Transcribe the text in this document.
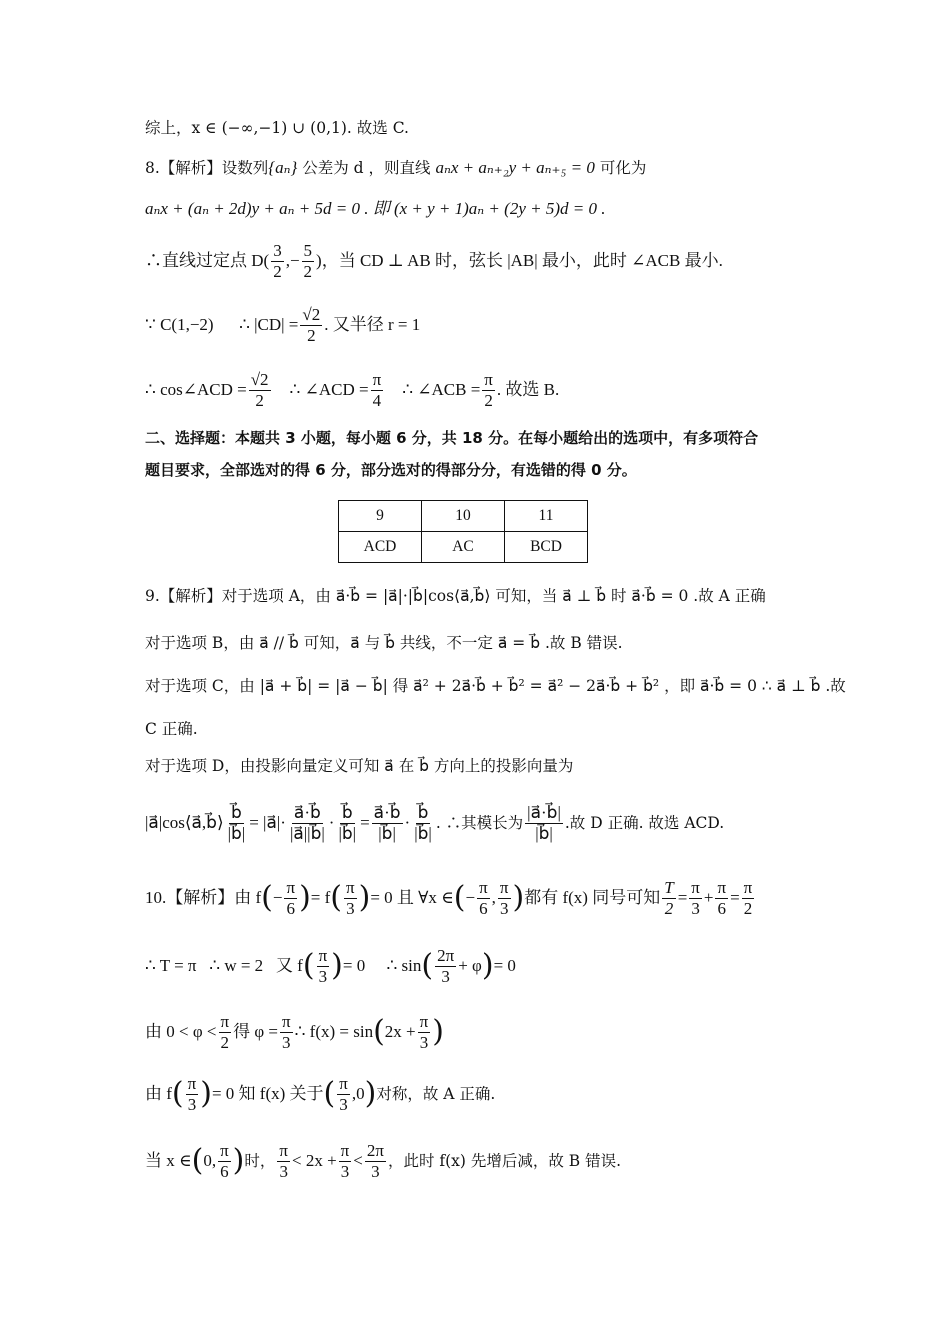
综上，x ∈ (−∞,−1) ∪ (0,1). 故选 C.
8.【解析】设数列{aₙ} 公差为 d ，则直线 aₙx + aₙ₊₂y + aₙ₊₅ = 0 可化为
aₙx + (aₙ + 2d)y + aₙ + 5d = 0 . 即 (x + y + 1)aₙ + (2y + 5)d = 0 .
∴直线过定点 $D( \frac{3}{2}$ ,− $\frac{5}{2}$ )，当 CD ⊥ AB 时，弦长 |AB| 最小，此时 ∠ACB 最小.
∵ C(1,−2)      ∴ $|CD| = \frac{√2}{2}$ . 又半径 r = 1
∴ cos∠ACD = $\frac{√2}{2}$ ∴ ∠ACD = $\frac{\pi}{4}$ ∴ ∠ACB = $\frac{\pi}{2}$ . 故选 B.
二、选择题：本题共 3 小题，每小题 6 分，共 18 分。在每小题给出的选项中，有多项符合
题目要求，全部选对的得 6 分，部分选对的得部分分，有选错的得 0 分。
9	10	11
ACD	AC	BCD
9.【解析】对于选项 A，由 a⃗·b⃗ = |a⃗|·|b⃗|cos⟨a⃗,b⃗⟩ 可知，当 a⃗ ⊥ b⃗ 时 a⃗·b⃗ = 0 .故 A 正确
对于选项 B，由 a⃗ // b⃗ 可知，a⃗ 与 b⃗ 共线，不一定 a⃗ = b⃗ .故 B 错误.
对于选项 C，由 |a⃗ + b⃗| = |a⃗ − b⃗| 得 a⃗² + 2a⃗·b⃗ + b⃗² = a⃗² − 2a⃗·b⃗ + b⃗² ，即 a⃗·b⃗ = 0 ∴ a⃗ ⊥ b⃗ .故
C 正确.
对于选项 D，由投影向量定义可知 a⃗ 在 b⃗ 方向上的投影向量为
|a⃗|cos⟨a⃗,b⃗⟩ $\frac{b⃗}{|b⃗|}$ = |a⃗|· $\frac{a⃗\cdot b⃗}{|a⃗||b⃗|} \cdot \frac{b⃗}{|b⃗|} = \frac{a⃗\cdot b⃗}{|b⃗|} \cdot \frac{b⃗}{|b⃗|}$ . ∴其模长为 $\frac{|a⃗\cdot b⃗|}{|b⃗|}$ .故 D 正确. 故选 ACD.
10.【解析】由 f ( − $\frac{\pi}{6}$ ) = f ( $\frac{\pi}{3}$ ) = 0 且 ∀x ∈ ( − $\frac{\pi}{6}$ , $\frac{\pi}{3}$ ) 都有 f(x) 同号可知 $\frac{T}{2} = \frac{\pi}{3} + \frac{\pi}{6} = \frac{\pi}{2}$
∴ T = π   ∴ w = 2   又 f ( $\frac{\pi}{3}$ ) = 0     ∴ sin ( $\frac{2\pi}{3} + \varphi$ ) = 0
由 $0 < \varphi < \frac{\pi}{2}$ 得 $\varphi = \frac{\pi}{3}$ ∴ f(x) = sin ( $2x + \frac{\pi}{3}$ )
由 f ( $\frac{\pi}{3}$ ) = 0 知 f(x) 关于 ( $\frac{\pi}{3} ,0$ ) 对称，故 A 正确.
当 x ∈ ( 0, $\frac{\pi}{6}$ ) 时， $\frac{\pi}{3} < 2x + \frac{\pi}{3} < \frac{2\pi}{3}$ ，此时 f(x) 先增后减，故 B 错误.
